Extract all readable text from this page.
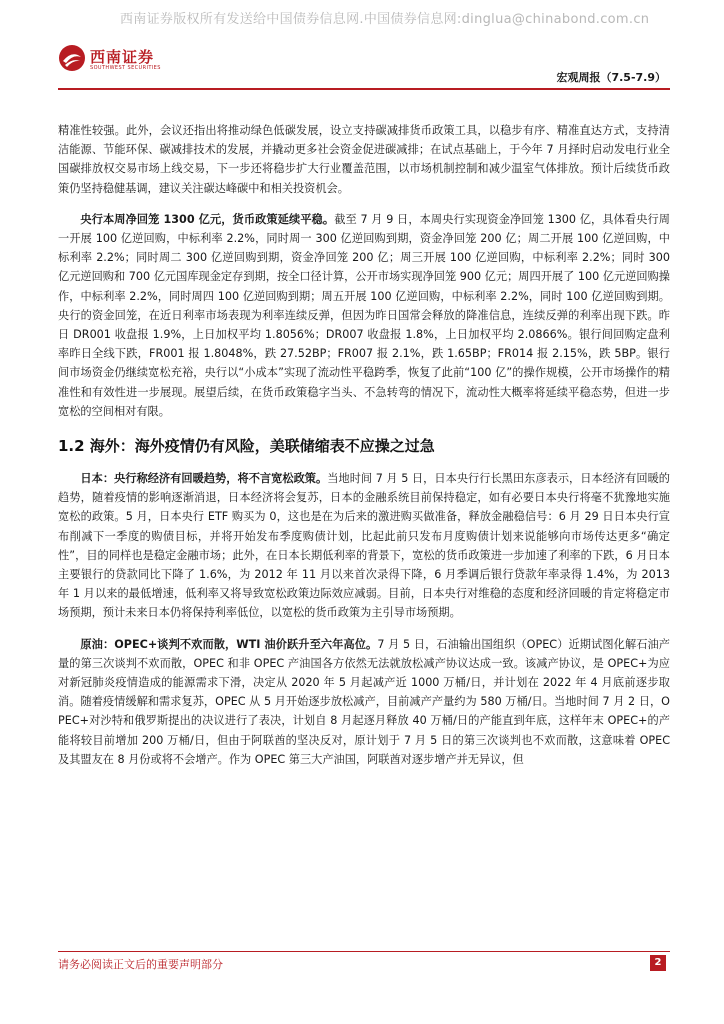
西南证券版权所有发送给中国债券信息网.中国债券信息网:dinglua@chinabond.com.cn
西南证券
SOUTHWEST SECURITIES
宏观周报（7.5-7.9）

精准性较强。此外，会议还指出将推动绿色低碳发展，设立支持碳减排货币政策工具，以稳步有序、精准直达方式，支持清洁能源、节能环保、碳减排技术的发展，并撬动更多社会资金促进碳减排；在试点基础上，于今年 7 月择时启动发电行业全国碳排放权交易市场上线交易，下一步还将稳步扩大行业覆盖范围，以市场机制控制和减少温室气体排放。预计后续货币政策仍坚持稳健基调，建议关注碳达峰碳中和相关投资机会。

央行本周净回笼 1300 亿元，货币政策延续平稳。截至 7 月 9 日，本周央行实现资金净回笼 1300 亿，具体看央行周一开展 100 亿逆回购，中标利率 2.2%，同时周一 300 亿逆回购到期，资金净回笼 200 亿；周二开展 100 亿逆回购，中标利率 2.2%；同时周二 300 亿逆回购到期，资金净回笼 200 亿；周三开展 100 亿逆回购，中标利率 2.2%；同时 300 亿元逆回购和 700 亿元国库现金定存到期，按全口径计算，公开市场实现净回笼 900 亿元；周四开展了 100 亿元逆回购操作，中标利率 2.2%，同时周四 100 亿逆回购到期；周五开展 100 亿逆回购，中标利率 2.2%，同时 100 亿逆回购到期。央行的资金回笼，在近日利率市场表现为利率连续反弹，但因为昨日国常会释放的降准信息，连续反弹的利率出现下跌。昨日 DR001 收盘报 1.9%，上日加权平均 1.8056%；DR007 收盘报 1.8%，上日加权平均 2.0866%。银行间回购定盘利率昨日全线下跌，FR001 报 1.8048%，跌 27.52BP；FR007 报 2.1%，跌 1.65BP；FR014 报 2.15%，跌 5BP。银行间市场资金仍继续宽松充裕，央行以“小成本”实现了流动性平稳跨季，恢复了此前“100 亿”的操作规模，公开市场操作的精准性和有效性进一步展现。展望后续，在货币政策稳字当头、不急转弯的情况下，流动性大概率将延续平稳态势，但进一步宽松的空间相对有限。

1.2 海外：海外疫情仍有风险，美联储缩表不应操之过急

日本：央行称经济有回暖趋势，将不言宽松政策。当地时间 7 月 5 日，日本央行行长黑田东彦表示，日本经济有回暖的趋势，随着疫情的影响逐渐消退，日本经济将会复苏，日本的金融系统目前保持稳定，如有必要日本央行将毫不犹豫地实施宽松的政策。5 月，日本央行 ETF 购买为 0，这也是在为后来的激进购买做准备，释放金融稳信号：6 月 29 日日本央行宣布削减下一季度的购债目标，并将开始发布季度购债计划，比起此前只发布月度购债计划来说能够向市场传达更多“确定性”，目的同样也是稳定金融市场；此外，在日本长期低利率的背景下，宽松的货币政策进一步加速了利率的下跌，6 月日本主要银行的贷款同比下降了 1.6%，为 2012 年 11 月以来首次录得下降，6 月季调后银行贷款年率录得 1.4%，为 2013 年 1 月以来的最低增速，低利率又将导致宽松政策边际效应减弱。目前，日本央行对维稳的态度和经济回暖的肯定将稳定市场预期，预计未来日本仍将保持利率低位，以宽松的货币政策为主引导市场预期。

原油：OPEC+谈判不欢而散，WTI 油价跃升至六年高位。7 月 5 日，石油输出国组织（OPEC）近期试图化解石油产量的第三次谈判不欢而散，OPEC 和非 OPEC 产油国各方依然无法就放松减产协议达成一致。该减产协议，是 OPEC+为应对新冠肺炎疫情造成的能源需求下滑，决定从 2020 年 5 月起减产近 1000 万桶/日，并计划在 2022 年 4 月底前逐步取消。随着疫情缓解和需求复苏，OPEC 从 5 月开始逐步放松减产，目前减产产量约为 580 万桶/日。当地时间 7 月 2 日，OPEC+对沙特和俄罗斯提出的决议进行了表决，计划自 8 月起逐月释放 40 万桶/日的产能直到年底，这样年末 OPEC+的产能将较目前增加 200 万桶/日，但由于阿联酋的坚决反对，原计划于 7 月 5 日的第三次谈判也不欢而散，这意味着 OPEC 及其盟友在 8 月份或将不会增产。作为 OPEC 第三大产油国，阿联酋对逐步增产并无异议，但

请务必阅读正文后的重要声明部分	2
